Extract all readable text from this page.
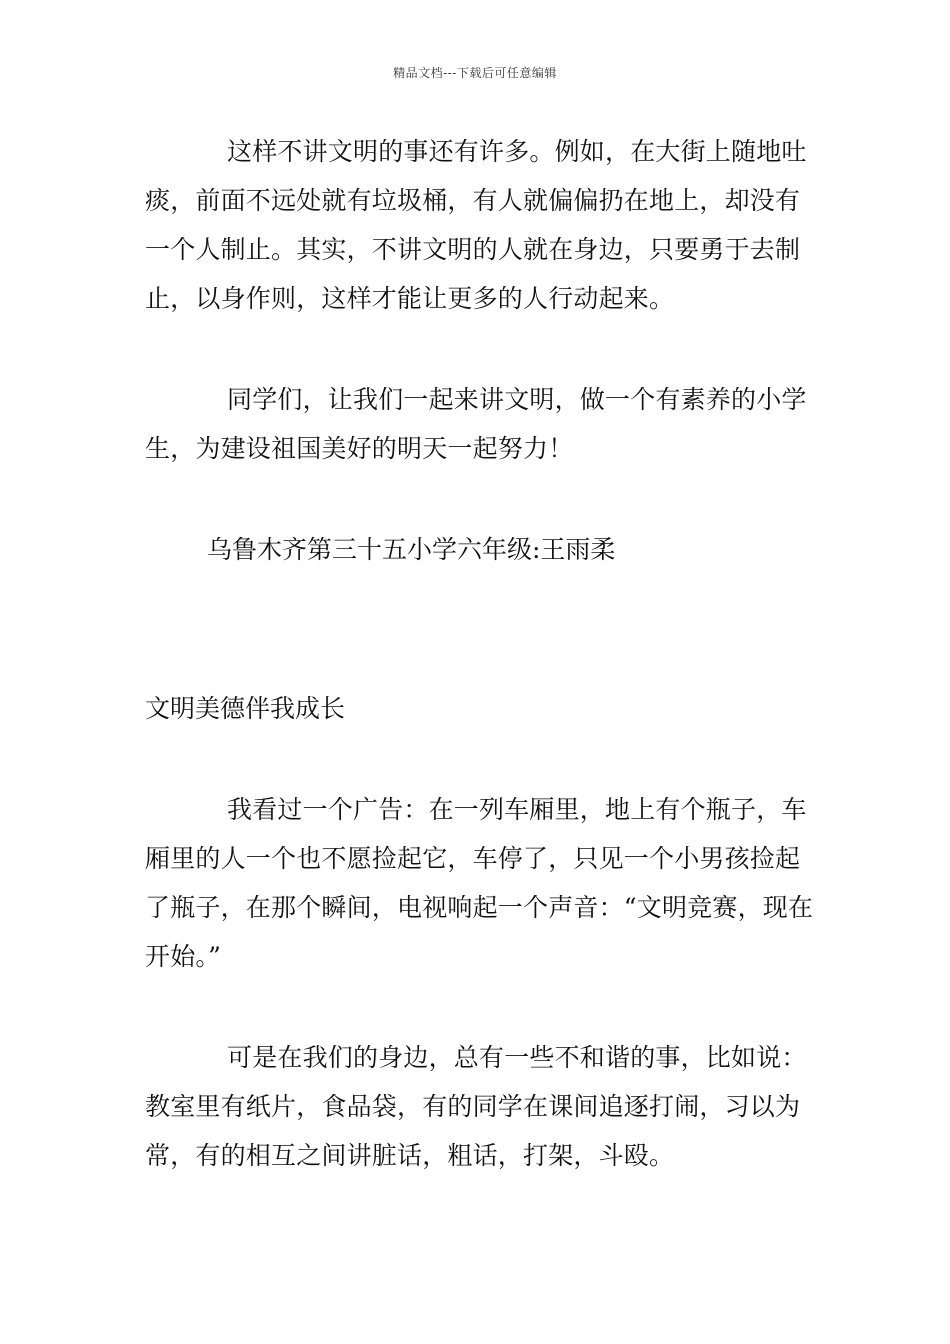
精品文档---下载后可任意编辑

这样不讲文明的事还有许多。例如，在大街上随地吐痰，前面不远处就有垃圾桶，有人就偏偏扔在地上，却没有一个人制止。其实，不讲文明的人就在身边，只要勇于去制止，以身作则，这样才能让更多的人行动起来。

同学们，让我们一起来讲文明，做一个有素养的小学生，为建设祖国美好的明天一起努力！

乌鲁木齐第三十五小学六年级:王雨柔

文明美德伴我成长

我看过一个广告：在一列车厢里，地上有个瓶子，车厢里的人一个也不愿捡起它，车停了，只见一个小男孩捡起了瓶子，在那个瞬间，电视响起一个声音：“文明竞赛，现在开始。”

可是在我们的身边，总有一些不和谐的事，比如说：教室里有纸片，食品袋，有的同学在课间追逐打闹，习以为常，有的相互之间讲脏话，粗话，打架，斗殴。
